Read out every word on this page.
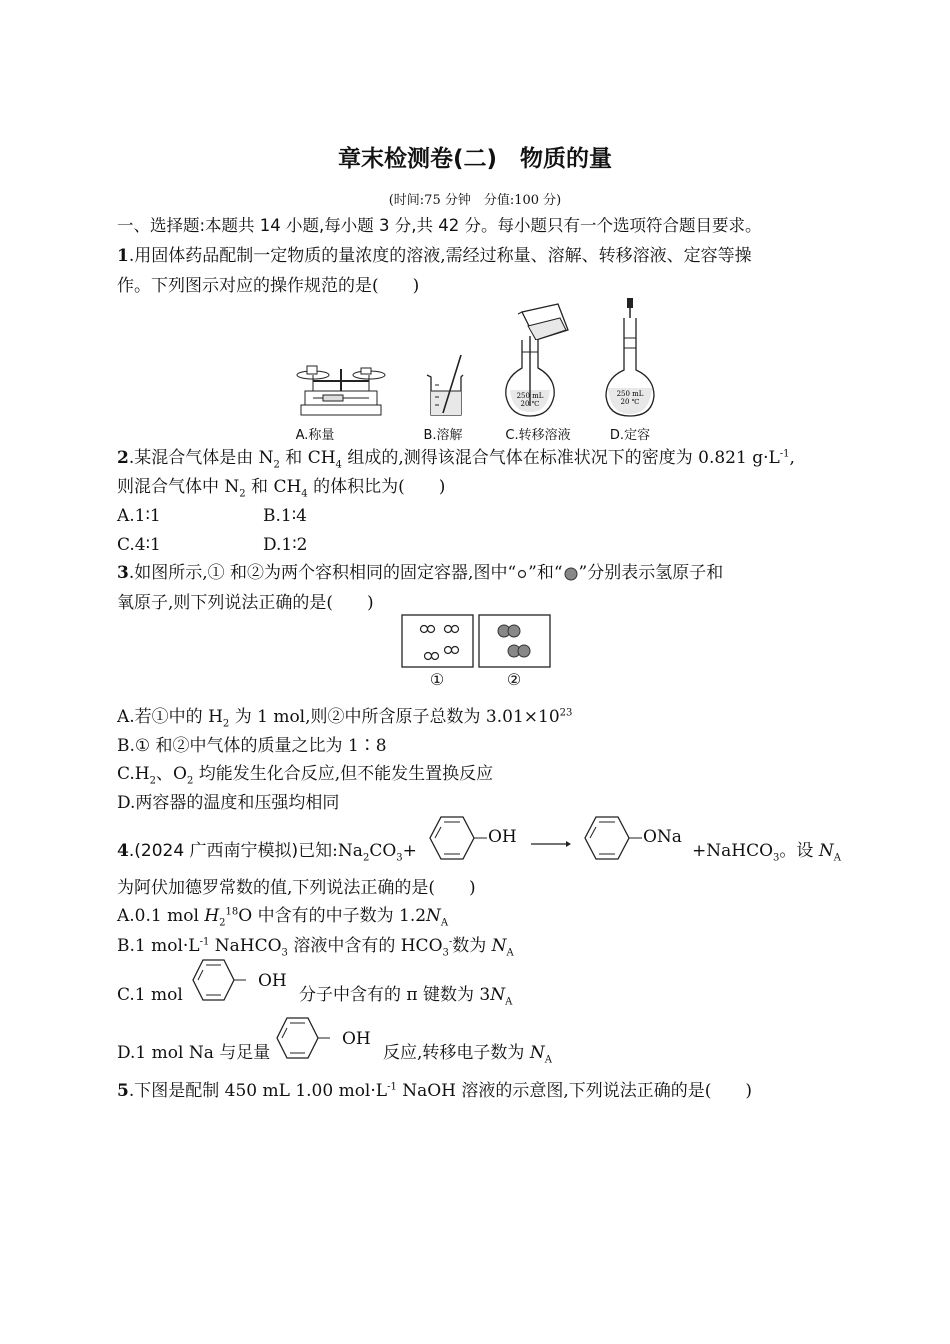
章末检测卷(二)　物质的量
(时间:75 分钟　分值:100 分)
一、选择题:本题共 14 小题,每小题 3 分,共 42 分。每小题只有一个选项符合题目要求。
1.用固体药品配制一定物质的量浓度的溶液,需经过称量、溶解、转移溶液、定容等操
作。下列图示对应的操作规范的是(　　)
250 mL
20 ℃
250 mL
20 ℃
A.称量	B.溶解	C.转移溶液	D.定容
2.某混合气体是由 $N_2$ 和 $CH_4$ 组成的,测得该混合气体在标准状况下的密度为 0.821 $g\cdot L^{-1}$,
则混合气体中 $N_2$ 和 $CH_4$ 的体积比为(　　)
A.1∶1	B.1∶4
C.4∶1	D.1∶2
3.如图所示,① 和②为两个容积相同的固定容器,图中“ ”和“ ”分别表示氢原子和
氧原子,则下列说法正确的是(　　)
①	②
A.若①中的 $H_2$ 为 1 mol,则②中所含原子总数为 $3.01\times 10^{23}$
B.① 和②中气体的质量之比为 1∶8
$C.H_2$、$O_2$ 均能发生化合反应,但不能发生置换反应
D.两容器的温度和压强均相同
4.(2024 广西南宁模拟)已知$:Na_2CO_3+$
OH →	ONa
+NaHCO$_3$。设 $N_A$
为阿伏加德罗常数的值,下列说法正确的是(　　)
A.0.1 mol $H_2^{18}O$ 中含有的中子数为 $1.2N_A$
B.1 $mol\cdot L^{-1}$ NaHCO$_3$ 溶液中含有的 $HCO_3^-$数为 $N_A$
C.1 mol
OH
分子中含有的 π 键数为 $3N_A$
D.1 mol Na 与足量
OH
反应,转移电子数为 $N_A$
5.下图是配制 450 mL 1.00 $mol\cdot L^{-1}$ NaOH 溶液的示意图,下列说法正确的是(　　)
